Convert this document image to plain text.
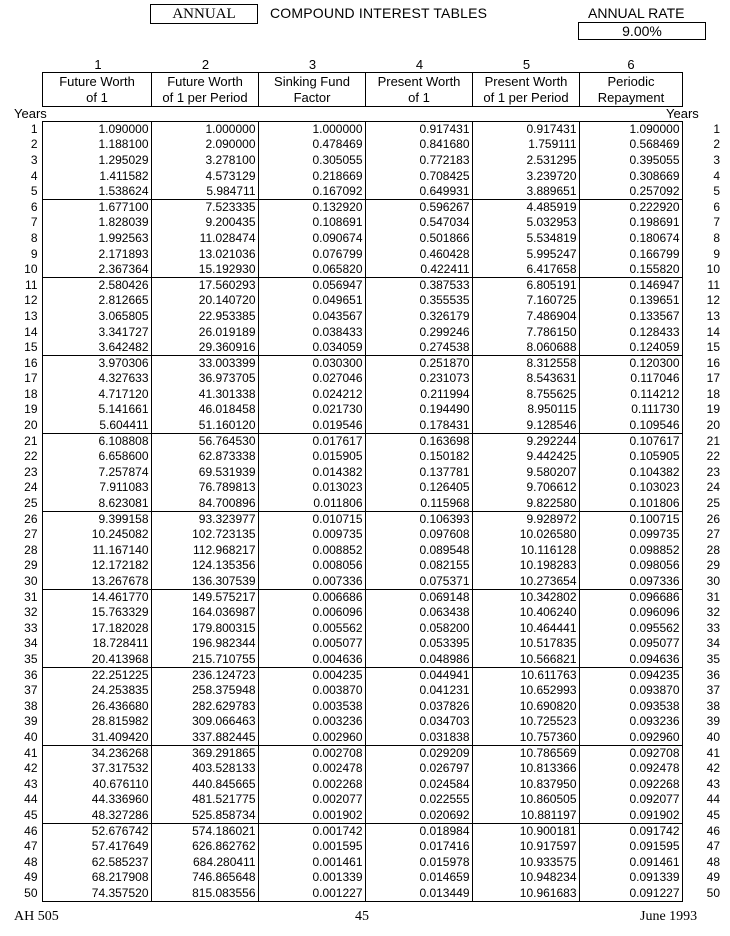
ANNUAL	COMPOUND INTEREST TABLES	ANNUAL RATE
9.00%
1	2	3	4	5	6
Future Worth
of 1
Future Worth
of 1 per Period
Sinking Fund
Factor
Present Worth
of 1
Present Worth
of 1 per Period
Periodic
Repayment
Years	Years
1	1.090000	1.000000	1.000000	0.917431	0.917431	1.090000	1
2	1.188100	2.090000	0.478469	0.841680	1.759111	0.568469	2
3	1.295029	3.278100	0.305055	0.772183	2.531295	0.395055	3
4	1.411582	4.573129	0.218669	0.708425	3.239720	0.308669	4
5	1.538624	5.984711	0.167092	0.649931	3.889651	0.257092	5
6	1.677100	7.523335	0.132920	0.596267	4.485919	0.222920	6
7	1.828039	9.200435	0.108691	0.547034	5.032953	0.198691	7
8	1.992563	11.028474	0.090674	0.501866	5.534819	0.180674	8
9	2.171893	13.021036	0.076799	0.460428	5.995247	0.166799	9
10	2.367364	15.192930	0.065820	0.422411	6.417658	0.155820	10
11	2.580426	17.560293	0.056947	0.387533	6.805191	0.146947	11
12	2.812665	20.140720	0.049651	0.355535	7.160725	0.139651	12
13	3.065805	22.953385	0.043567	0.326179	7.486904	0.133567	13
14	3.341727	26.019189	0.038433	0.299246	7.786150	0.128433	14
15	3.642482	29.360916	0.034059	0.274538	8.060688	0.124059	15
16	3.970306	33.003399	0.030300	0.251870	8.312558	0.120300	16
17	4.327633	36.973705	0.027046	0.231073	8.543631	0.117046	17
18	4.717120	41.301338	0.024212	0.211994	8.755625	0.114212	18
19	5.141661	46.018458	0.021730	0.194490	8.950115	0.111730	19
20	5.604411	51.160120	0.019546	0.178431	9.128546	0.109546	20
21	6.108808	56.764530	0.017617	0.163698	9.292244	0.107617	21
22	6.658600	62.873338	0.015905	0.150182	9.442425	0.105905	22
23	7.257874	69.531939	0.014382	0.137781	9.580207	0.104382	23
24	7.911083	76.789813	0.013023	0.126405	9.706612	0.103023	24
25	8.623081	84.700896	0.011806	0.115968	9.822580	0.101806	25
26	9.399158	93.323977	0.010715	0.106393	9.928972	0.100715	26
27	10.245082	102.723135	0.009735	0.097608	10.026580	0.099735	27
28	11.167140	112.968217	0.008852	0.089548	10.116128	0.098852	28
29	12.172182	124.135356	0.008056	0.082155	10.198283	0.098056	29
30	13.267678	136.307539	0.007336	0.075371	10.273654	0.097336	30
31	14.461770	149.575217	0.006686	0.069148	10.342802	0.096686	31
32	15.763329	164.036987	0.006096	0.063438	10.406240	0.096096	32
33	17.182028	179.800315	0.005562	0.058200	10.464441	0.095562	33
34	18.728411	196.982344	0.005077	0.053395	10.517835	0.095077	34
35	20.413968	215.710755	0.004636	0.048986	10.566821	0.094636	35
36	22.251225	236.124723	0.004235	0.044941	10.611763	0.094235	36
37	24.253835	258.375948	0.003870	0.041231	10.652993	0.093870	37
38	26.436680	282.629783	0.003538	0.037826	10.690820	0.093538	38
39	28.815982	309.066463	0.003236	0.034703	10.725523	0.093236	39
40	31.409420	337.882445	0.002960	0.031838	10.757360	0.092960	40
41	34.236268	369.291865	0.002708	0.029209	10.786569	0.092708	41
42	37.317532	403.528133	0.002478	0.026797	10.813366	0.092478	42
43	40.676110	440.845665	0.002268	0.024584	10.837950	0.092268	43
44	44.336960	481.521775	0.002077	0.022555	10.860505	0.092077	44
45	48.327286	525.858734	0.001902	0.020692	10.881197	0.091902	45
46	52.676742	574.186021	0.001742	0.018984	10.900181	0.091742	46
47	57.417649	626.862762	0.001595	0.017416	10.917597	0.091595	47
48	62.585237	684.280411	0.001461	0.015978	10.933575	0.091461	48
49	68.217908	746.865648	0.001339	0.014659	10.948234	0.091339	49
50	74.357520	815.083556	0.001227	0.013449	10.961683	0.091227	50
AH 505	45	June 1993
